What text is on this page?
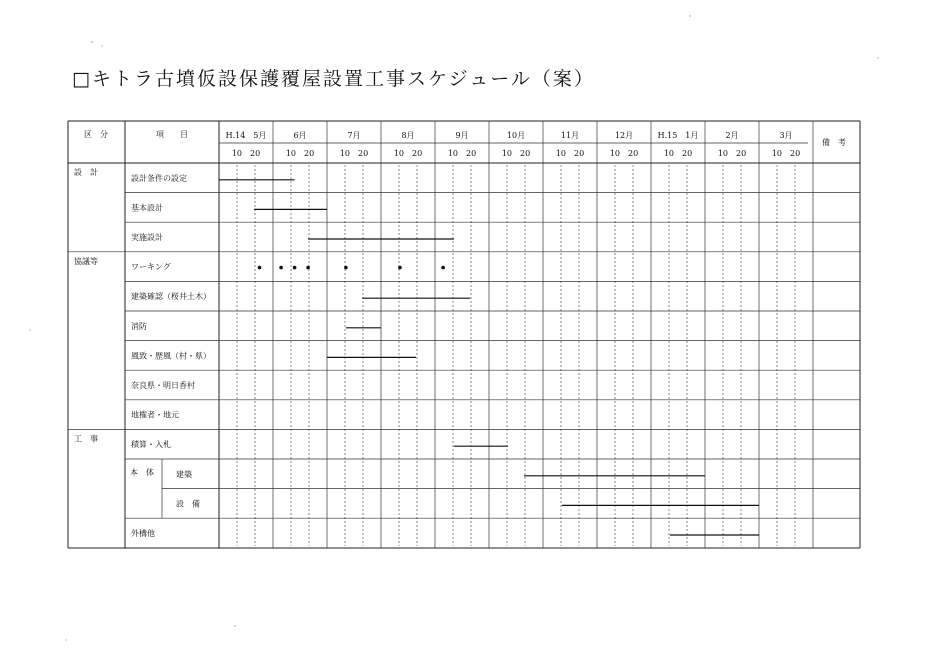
□キトラ古墳仮設保護覆屋設置工事スケジュール（案）
区　分	項　　目
備　考
H.14　5月
10　20
6月
10　20
7月
10　20
8月
10　20
9月
10　20
10月
10　20
11月
10　20
12月
10　20
H.15　1月
10　20
2月
10　20
3月
10　20
設　計
協議等
工　事
設計条件の設定
基本設計
実施設計
ワーキング
建築確認（桜井土木）
消防
風致・歴風（村・県）
奈良県・明日香村
地権者・地元
積算・入札
本　体	建築
設　備
外構他
